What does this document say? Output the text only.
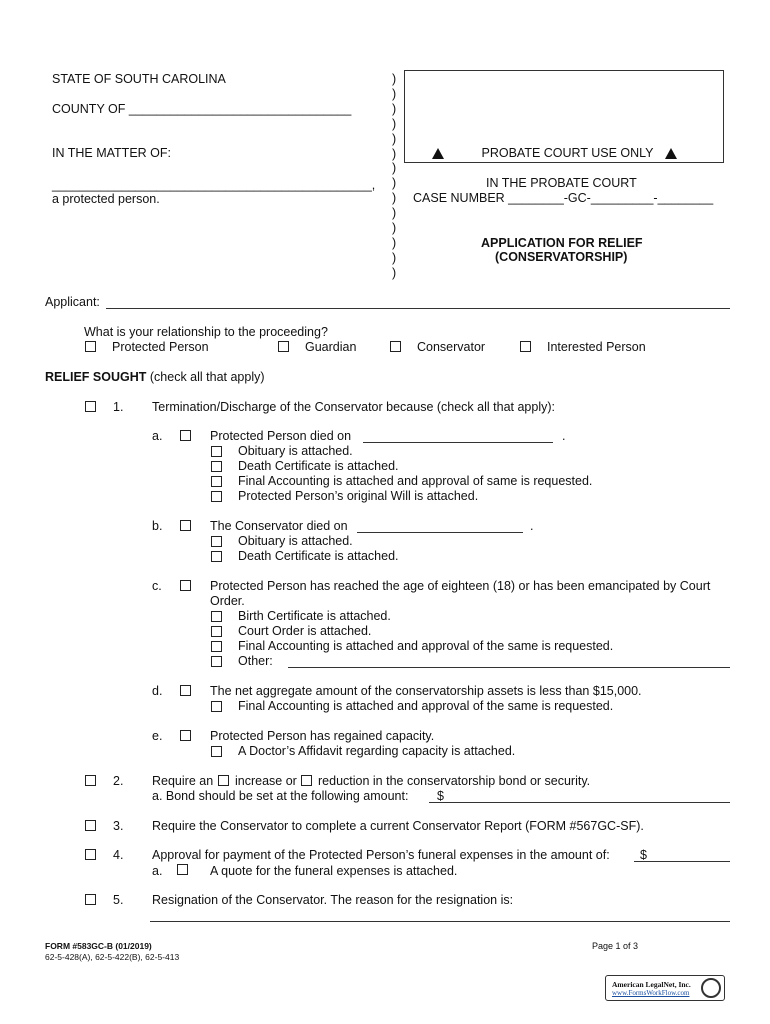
STATE OF SOUTH CAROLINA
COUNTY OF ________________________________
IN THE MATTER OF:
______________________________________________,
a protected person.
)
)
)
)
)
)
)
)
)
)
)
)
)
)
PROBATE COURT USE ONLY
IN THE PROBATE COURT
CASE NUMBER ________-GC-_________-________
APPLICATION FOR RELIEF
(CONSERVATORSHIP)
Applicant:
What is your relationship to the proceeding?
Protected Person	Guardian	Conservator	Interested Person
RELIEF SOUGHT (check all that apply)
1. Termination/Discharge of the Conservator because (check all that apply):
a.	Protected Person died on	.
Obituary is attached.
Death Certificate is attached.
Final Accounting is attached and approval of same is requested.
Protected Person’s original Will is attached.
b.	The Conservator died on	.
Obituary is attached.
Death Certificate is attached.
c.	Protected Person has reached the age of eighteen (18) or has been emancipated by Court
Order.
Birth Certificate is attached.
Court Order is attached.
Final Accounting is attached and approval of the same is requested.
Other:
d.	The net aggregate amount of the conservatorship assets is less than $15,000.
Final Accounting is attached and approval of the same is requested.
e.	Protected Person has regained capacity.
A Doctor’s Affidavit regarding capacity is attached.
2. Require an increase or reduction in the conservatorship bond or security.
a. Bond should be set at the following amount: $
3. Require the Conservator to complete a current Conservator Report (FORM #567GC-SF).
4. Approval for payment of the Protected Person’s funeral expenses in the amount of: $
a.	A quote for the funeral expenses is attached.
5. Resignation of the Conservator. The reason for the resignation is:
FORM #583GC-B (01/2019)
62-5-428(A), 62-5-422(B), 62-5-413
Page 1 of 3
American LegalNet, Inc.
www.FormsWorkFlow.com
